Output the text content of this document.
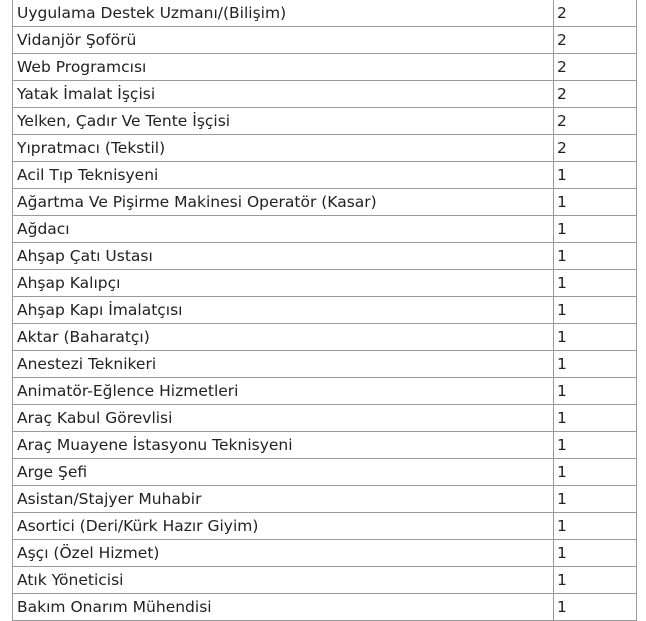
Uygulama Destek Uzmanı/(Bilişim)	2
Vidanjör Şoförü	2
Web Programcısı	2
Yatak İmalat İşçisi	2
Yelken, Çadır Ve Tente İşçisi	2
Yıpratmacı (Tekstil)	2
Acil Tıp Teknisyeni	1
Ağartma Ve Pişirme Makinesi Operatör (Kasar)	1
Ağdacı	1
Ahşap Çatı Ustası	1
Ahşap Kalıpçı	1
Ahşap Kapı İmalatçısı	1
Aktar (Baharatçı)	1
Anestezi Teknikeri	1
Animatör-Eğlence Hizmetleri	1
Araç Kabul Görevlisi	1
Araç Muayene İstasyonu Teknisyeni	1
Arge Şefi	1
Asistan/Stajyer Muhabir	1
Asortici (Deri/Kürk Hazır Giyim)	1
Aşçı (Özel Hizmet)	1
Atık Yöneticisi	1
Bakım Onarım Mühendisi	1
